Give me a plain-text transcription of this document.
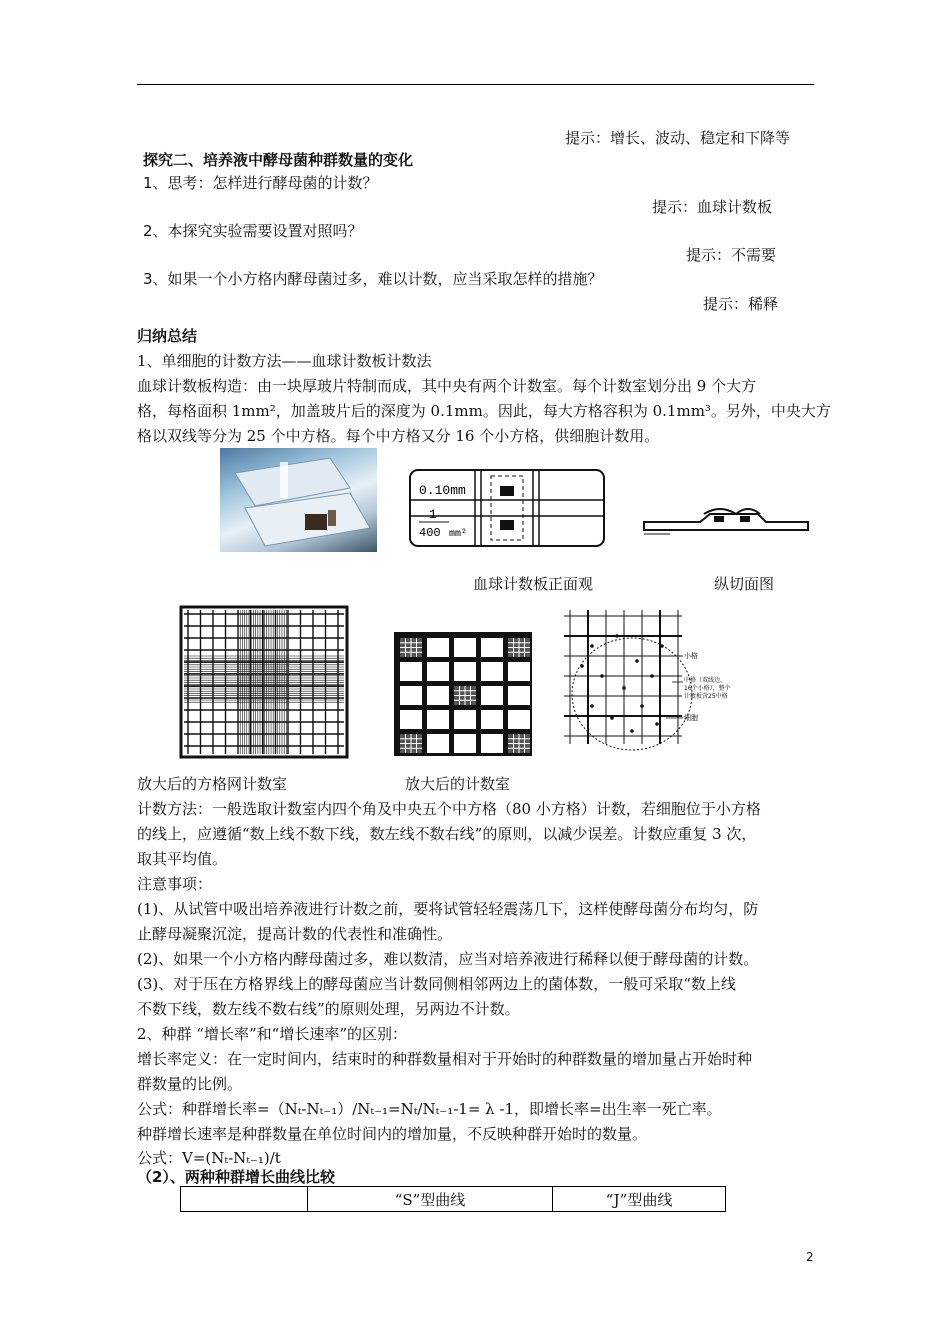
提示：增长、波动、稳定和下降等
探究二、培养液中酵母菌种群数量的变化
1、思考：怎样进行酵母菌的计数？
提示：血球计数板
2、本探究实验需要设置对照吗？
提示：不需要
3、如果一个小方格内酵母菌过多，难以计数，应当采取怎样的措施？
提示：稀释
归纳总结
1、单细胞的计数方法——血球计数板计数法
血球计数板构造：由一块厚玻片特制而成，其中央有两个计数室。每个计数室划分出 9 个大方
格，每格面积 1mm²，加盖玻片后的深度为 0.1mm。因此，每大方格容积为 0.1mm³。另外，中央大方
格以双线等分为 25 个中方格。每个中方格又分 16 个小方格，供细胞计数用。
0.10mm
1
400 mm²
血球计数板正面观	纵切面图
小格
中格（双线边， 16个小格），整个 计数板含25中格
细胞
放大后的方格网计数室	放大后的计数室
计数方法：一般选取计数室内四个角及中央五个中方格（80 小方格）计数，若细胞位于小方格
的线上，应遵循“数上线不数下线，数左线不数右线”的原则，以减少误差。计数应重复 3 次，
取其平均值。
注意事项：
(1)、从试管中吸出培养液进行计数之前，要将试管轻轻震荡几下，这样使酵母菌分布均匀，防
止酵母凝聚沉淀，提高计数的代表性和准确性。
(2)、如果一个小方格内酵母菌过多，难以数清，应当对培养液进行稀释以便于酵母菌的计数。
(3)、对于压在方格界线上的酵母菌应当计数同侧相邻两边上的菌体数，一般可采取“数上线
不数下线，数左线不数右线”的原则处理，另两边不计数。
2、种群 “增长率”和“增长速率”的区别：
增长率定义：在一定时间内，结束时的种群数量相对于开始时的种群数量的增加量占开始时种
群数量的比例。
公式：种群增长率=（Nₜ-Nₜ₋₁）/Nₜ₋₁=Nₜ/Nₜ₋₁-1= λ -1，即增长率=出生率一死亡率。
种群增长速率是种群数量在单位时间内的增加量，不反映种群开始时的数量。
公式：V=(Nₜ-Nₜ₋₁)/t
（2）、两种种群增长曲线比较
	“S”型曲线	“J”型曲线
2
